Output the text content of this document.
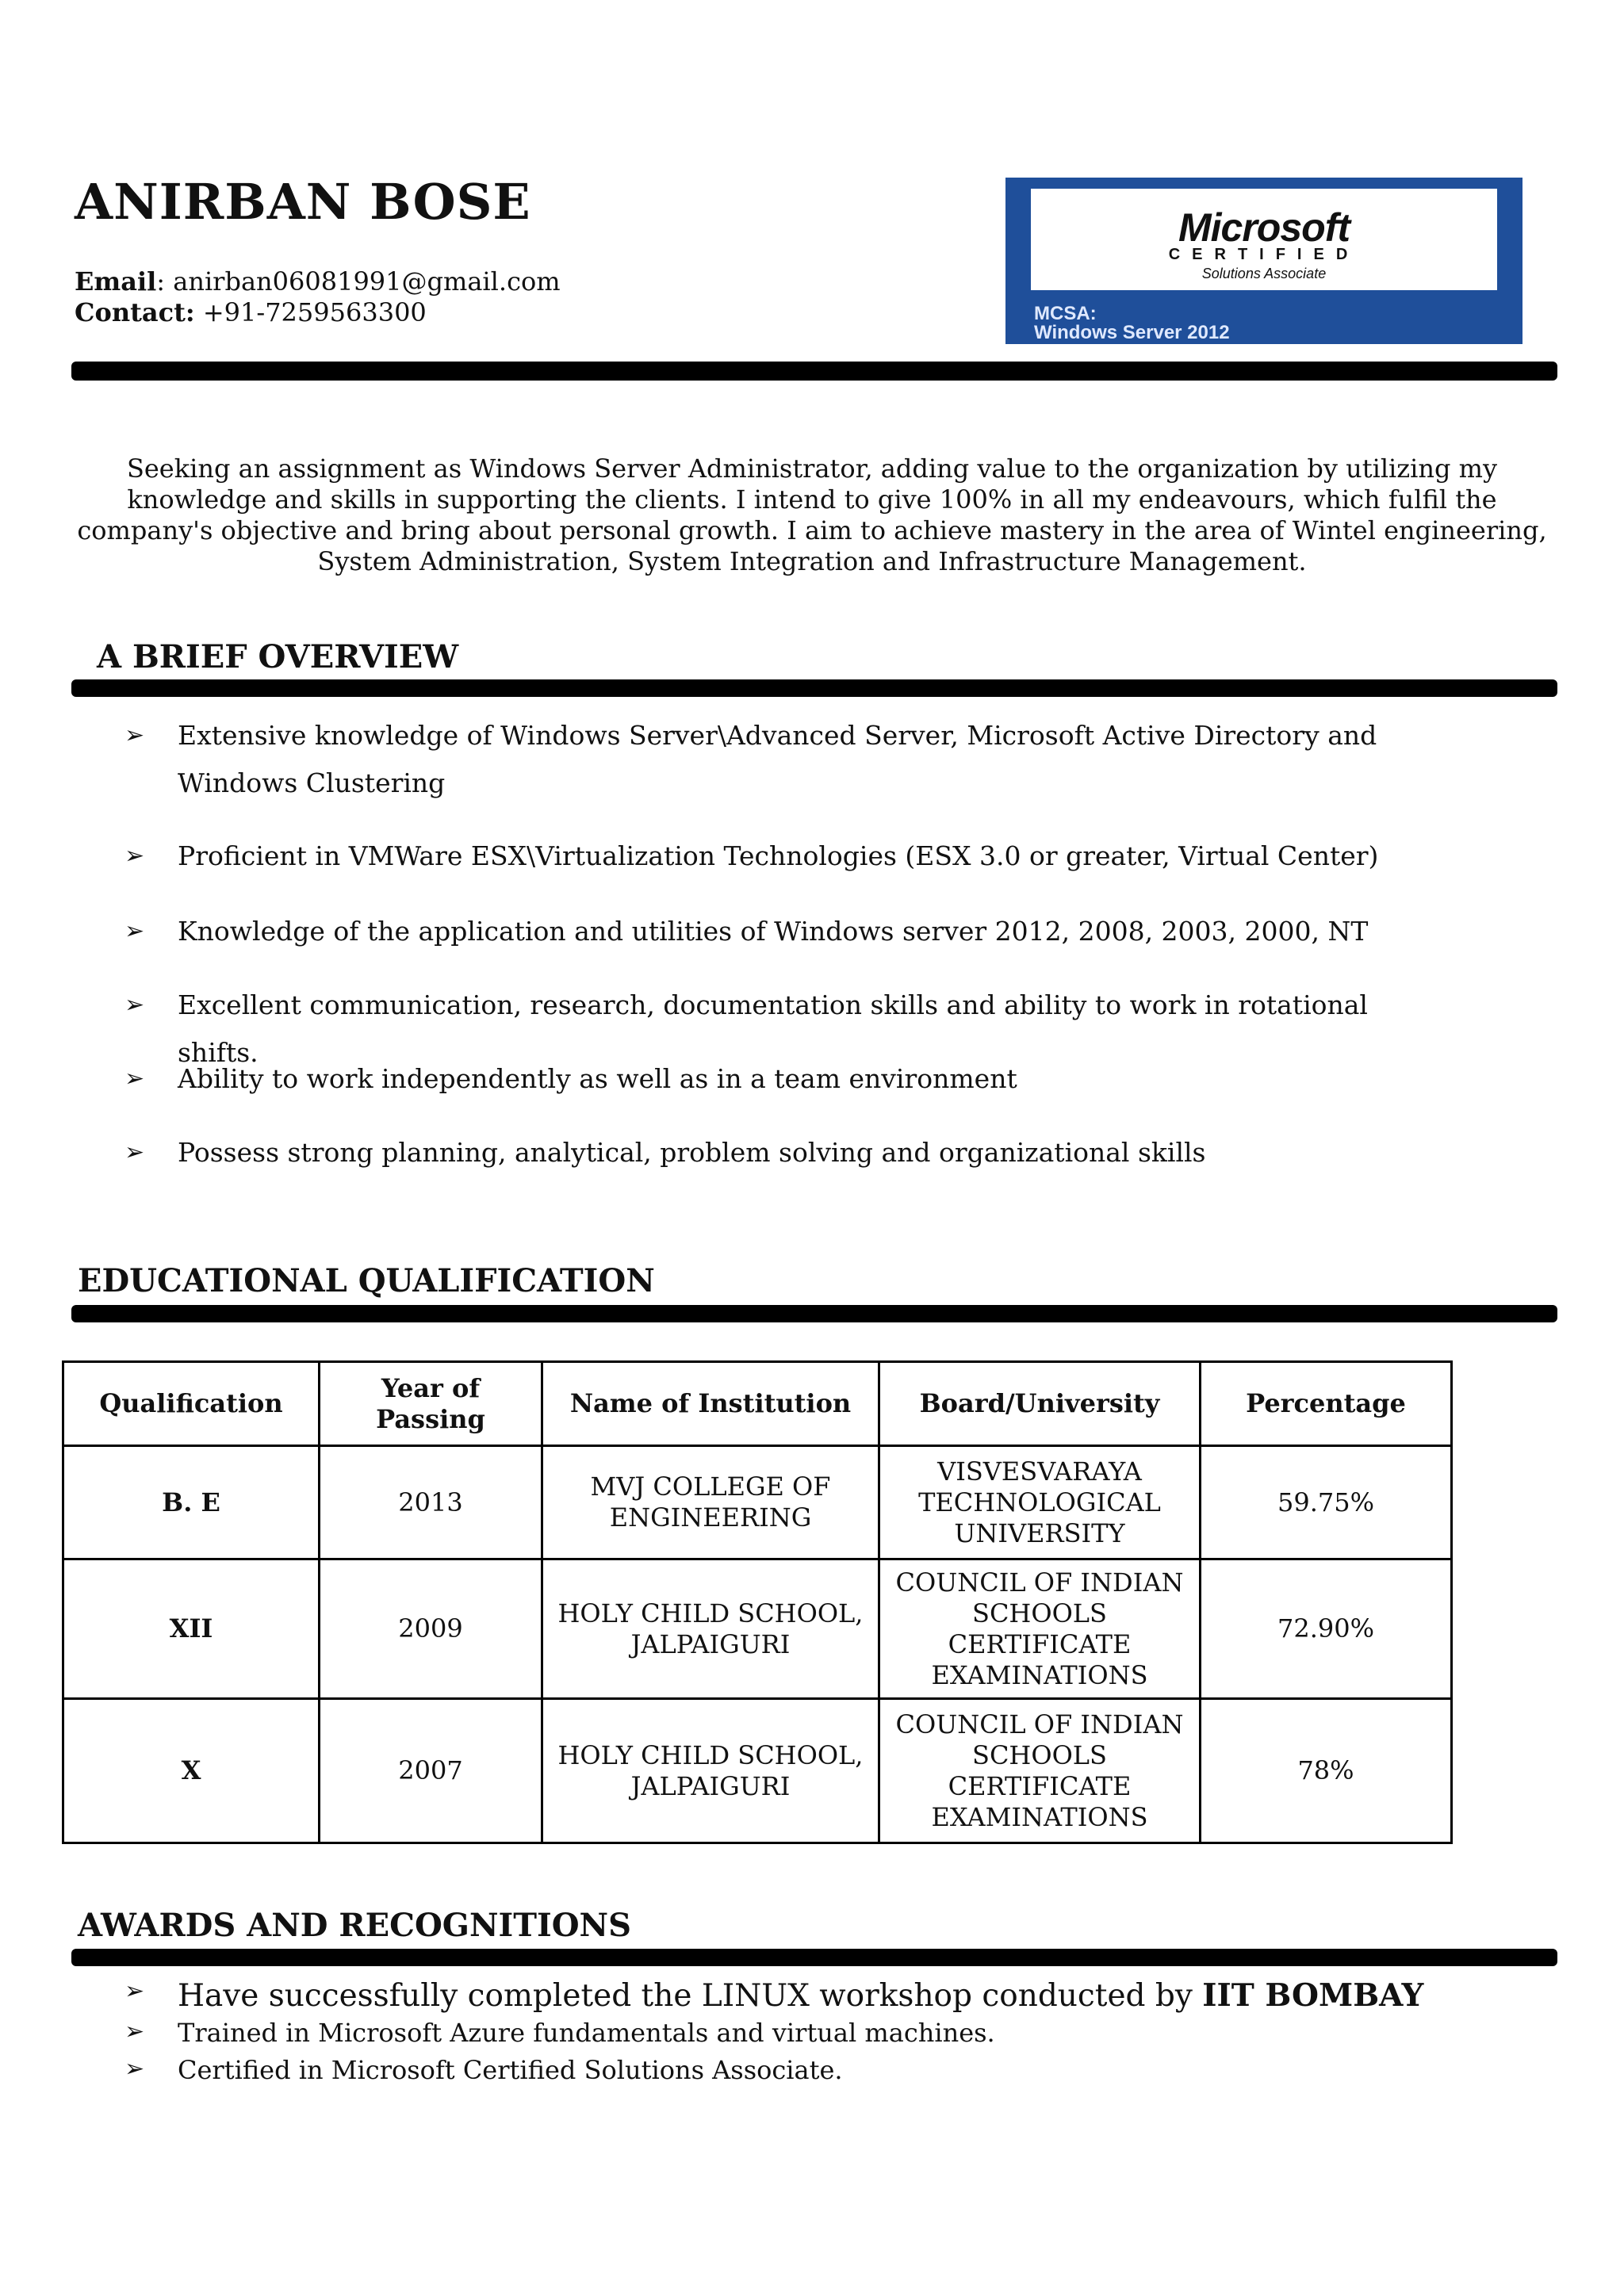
ANIRBAN BOSE
Email: anirban06081991@gmail.com
Contact: +91-7259563300
Microsoft
CERTIFIED
Solutions Associate
MCSA:
Windows Server 2012
Seeking an assignment as Windows Server Administrator, adding value to the organization by utilizing my knowledge and skills in supporting the clients. I intend to give 100% in all my endeavours, which fulfil the company's objective and bring about personal growth. I aim to achieve mastery in the area of Wintel engineering, System Administration, System Integration and Infrastructure Management.
A BRIEF OVERVIEW
➢ Extensive knowledge of Windows Server\Advanced Server, Microsoft Active Directory and Windows Clustering
➢ Proficient in VMWare ESX\Virtualization Technologies (ESX 3.0 or greater, Virtual Center)
➢ Knowledge of the application and utilities of Windows server 2012, 2008, 2003, 2000, NT
➢ Excellent communication, research, documentation skills and ability to work in rotational shifts.
➢ Ability to work independently as well as in a team environment
➢ Possess strong planning, analytical, problem solving and organizational skills
EDUCATIONAL QUALIFICATION
Qualification	Year of Passing	Name of Institution	Board/University	Percentage
B. E	2013	MVJ COLLEGE OF ENGINEERING	VISVESVARAYA TECHNOLOGICAL UNIVERSITY	59.75%
XII	2009	HOLY CHILD SCHOOL, JALPAIGURI	COUNCIL OF INDIAN SCHOOLS CERTIFICATE EXAMINATIONS	72.90%
X	2007	HOLY CHILD SCHOOL, JALPAIGURI	COUNCIL OF INDIAN SCHOOLS CERTIFICATE EXAMINATIONS	78%
AWARDS AND RECOGNITIONS
➢ Have successfully completed the LINUX workshop conducted by IIT BOMBAY
➢ Trained in Microsoft Azure fundamentals and virtual machines.
➢ Certified in Microsoft Certified Solutions Associate.
